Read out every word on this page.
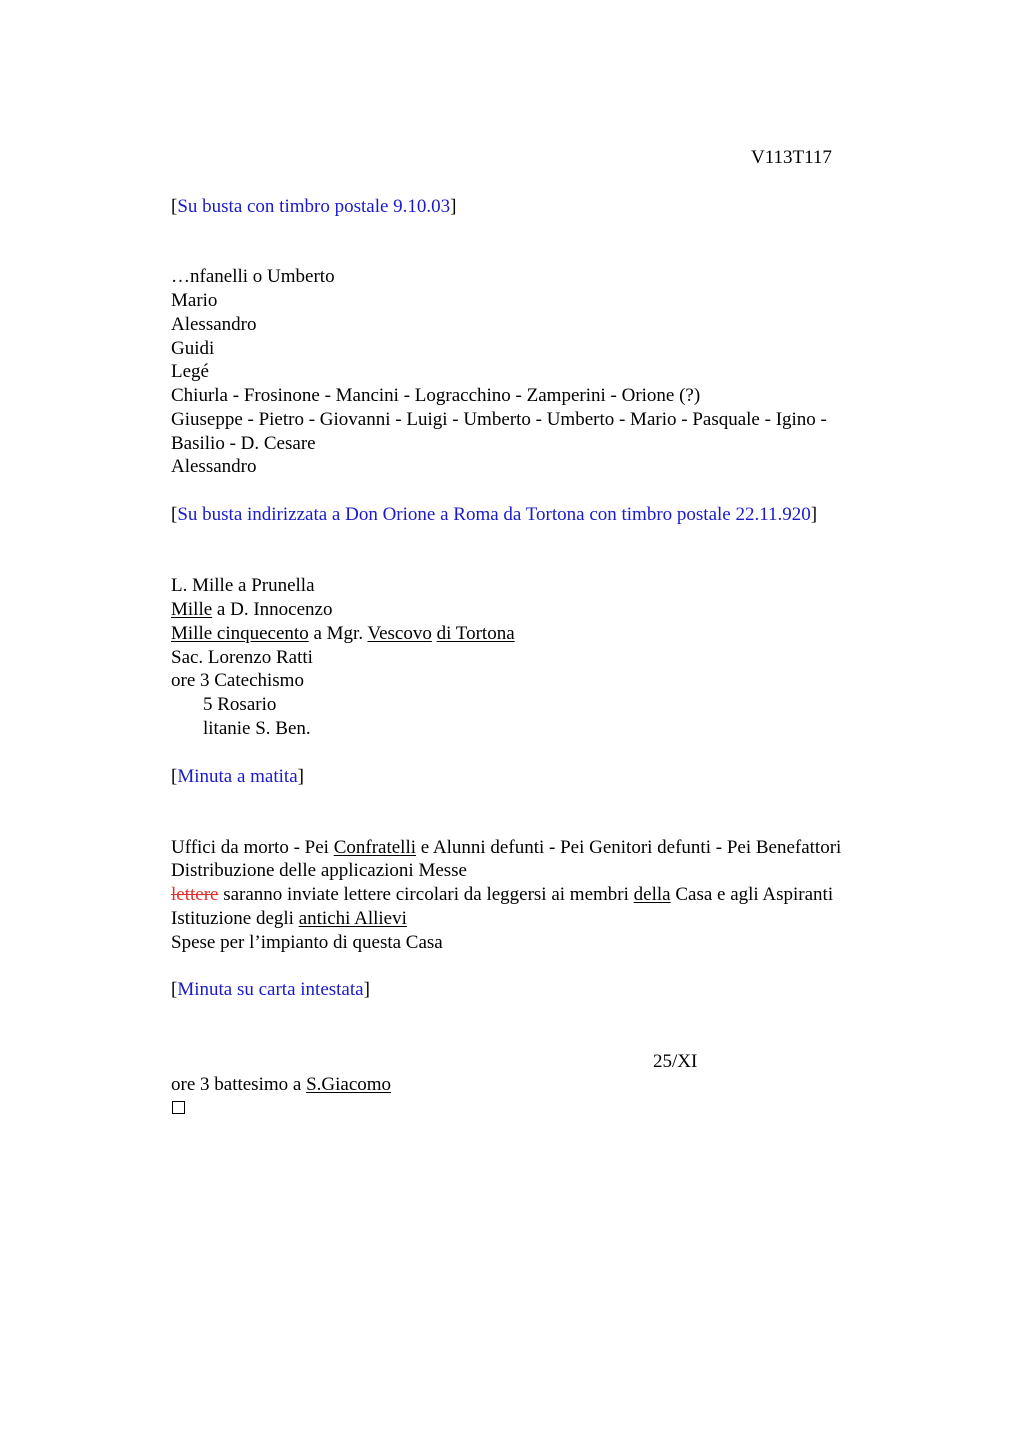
V113T117
[Su busta con timbro postale 9.10.03]
…nfanelli o Umberto
Mario
Alessandro
Guidi
Legé
Chiurla - Frosinone - Mancini - Logracchino - Zamperini - Orione (?)
Giuseppe - Pietro - Giovanni - Luigi - Umberto - Umberto - Mario - Pasquale - Igino -
Basilio - D. Cesare
Alessandro
[Su busta indirizzata a Don Orione a Roma da Tortona con timbro postale 22.11.920]
L. Mille a Prunella
Mille a D. Innocenzo
Mille cinquecento a Mgr. Vescovo di Tortona
Sac. Lorenzo Ratti
ore 3 Catechismo
5 Rosario
litanie S. Ben.
[Minuta a matita]
Uffici da morto - Pei Confratelli e Alunni defunti - Pei Genitori defunti - Pei Benefattori
Distribuzione delle applicazioni Messe
lettere saranno inviate lettere circolari da leggersi ai membri della Casa e agli Aspiranti
Istituzione degli antichi Allievi
Spese per l’impianto di questa Casa
[Minuta su carta intestata]
25/XI
ore 3 battesimo a S.Giacomo
